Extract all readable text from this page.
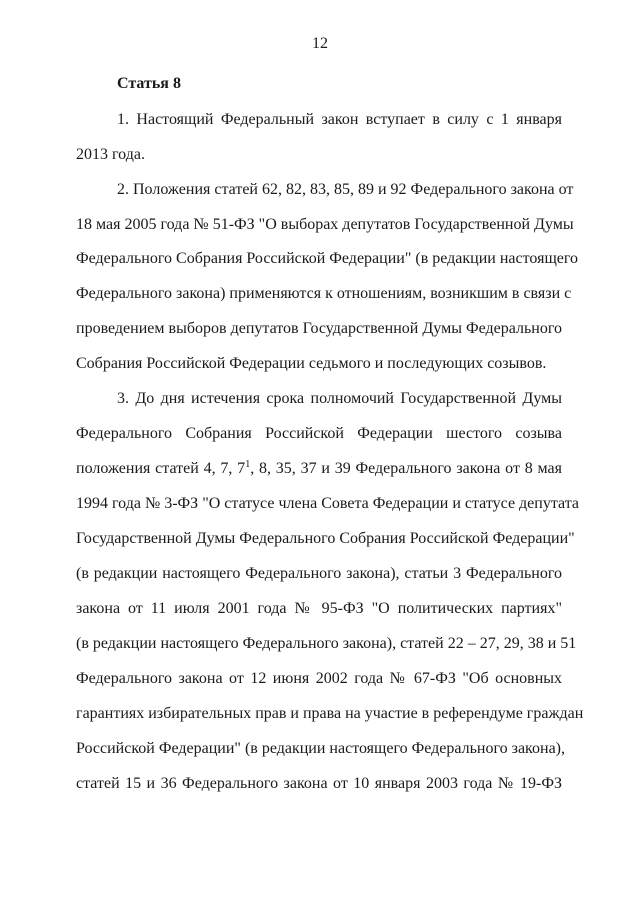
12
Статья 8
1. Настоящий Федеральный закон вступает в силу с 1 января
2013 года.
2. Положения статей 62, 82, 83, 85, 89 и 92 Федерального закона от
18 мая 2005 года № 51-ФЗ "О выборах депутатов Государственной Думы
Федерального Собрания Российской Федерации" (в редакции настоящего
Федерального закона) применяются к отношениям, возникшим в связи с
проведением выборов депутатов Государственной Думы Федерального
Собрания Российской Федерации седьмого и последующих созывов.
3. До дня истечения срока полномочий Государственной Думы
Федерального Собрания Российской Федерации шестого созыва
положения статей 4, 7, $7^1$, 8, 35, 37 и 39 Федерального закона от 8 мая
1994 года № 3-ФЗ "О статусе члена Совета Федерации и статусе депутата
Государственной Думы Федерального Собрания Российской Федерации"
(в редакции настоящего Федерального закона), статьи 3 Федерального
закона от 11 июля 2001 года № 95-ФЗ "О политических партиях"
(в редакции настоящего Федерального закона), статей 22 – 27, 29, 38 и 51
Федерального закона от 12 июня 2002 года № 67-ФЗ "Об основных
гарантиях избирательных прав и права на участие в референдуме граждан
Российской Федерации" (в редакции настоящего Федерального закона),
статей 15 и 36 Федерального закона от 10 января 2003 года № 19-ФЗ
